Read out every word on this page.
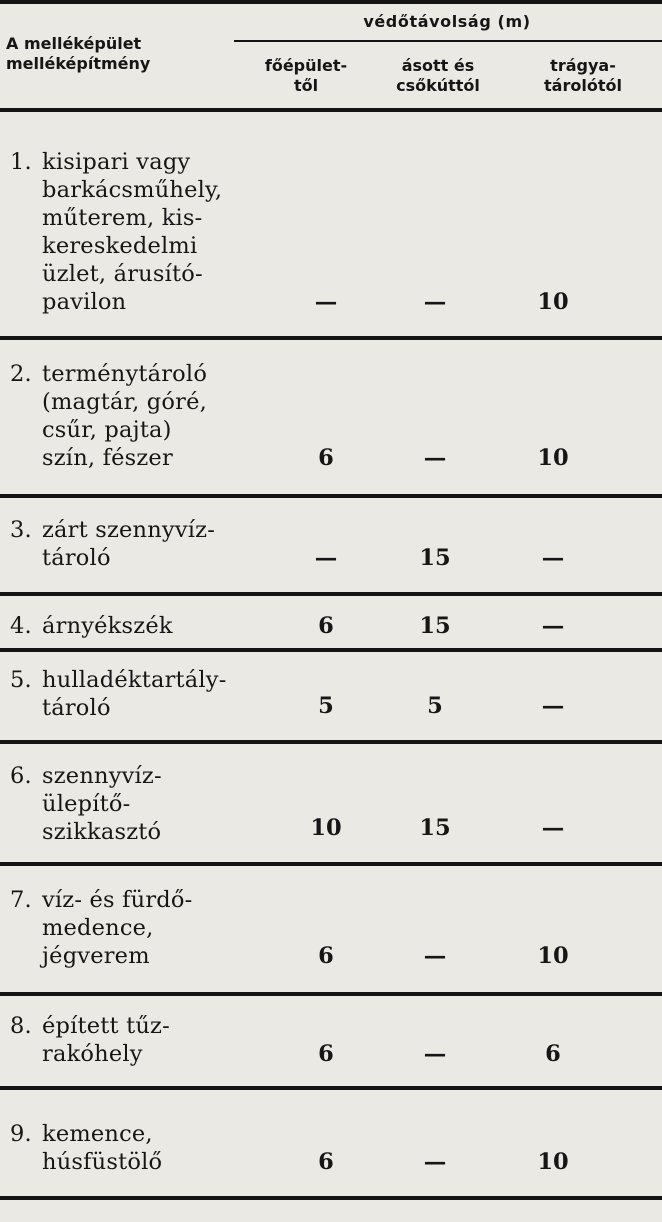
A melléképület
melléképítmény
védőtávolság (m)
főépület-
től
ásott és
csőkúttól
trágya-
tárolótól
1. kisipari vagy
barkácsműhely,
műterem, kis-
kereskedelmi
üzlet, árusító-
pavilon	—	—	10
2. terménytároló
(magtár, góré,
csűr, pajta)
szín, fészer	6	—	10
3. zárt szennyvíz-
tároló	—	15	—
4. árnyékszék	6	15	—
5. hulladéktartály-
tároló	5	5	—
6. szennyvíz-
ülepítő-
szikkasztó	10	15	—
7. víz- és fürdő-
medence,
jégverem	6	—	10
8. épített tűz-
rakóhely	6	—	6
9. kemence,
húsfüstölő	6	—	10
